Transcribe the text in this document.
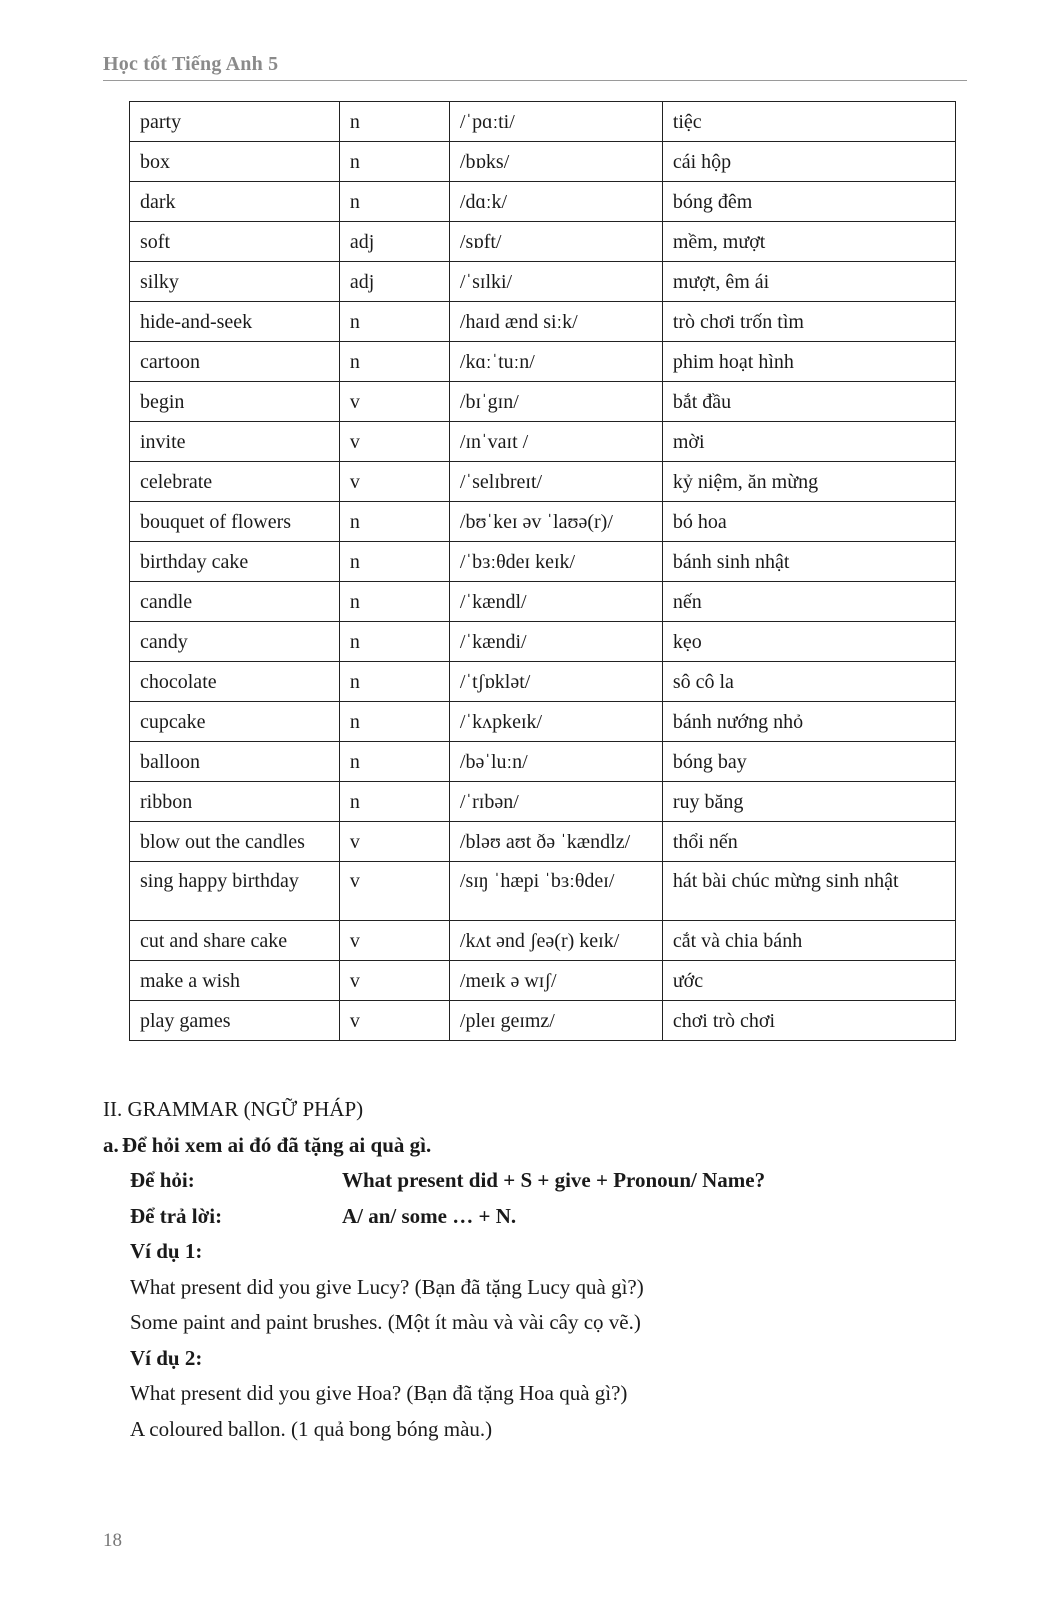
Học tốt Tiếng Anh 5
party	n	/ˈpɑːti/	tiệc
box	n	/bɒks/	cái hộp
dark	n	/dɑːk/	bóng đêm
soft	adj	/sɒft/	mềm, mượt
silky	adj	/ˈsɪlki/	mượt, êm ái
hide-and-seek	n	/haɪd ænd siːk/	trò chơi trốn tìm
cartoon	n	/kɑːˈtuːn/	phim hoạt hình
begin	v	/bɪˈgɪn/	bắt đầu
invite	v	/ɪnˈvaɪt /	mời
celebrate	v	/ˈselɪbreɪt/	kỷ niệm, ăn mừng
bouquet of flowers	n	/bʊˈkeɪ əv ˈlaʊə(r)/	bó hoa
birthday cake	n	/ˈbɜːθdeɪ keɪk/	bánh sinh nhật
candle	n	/ˈkændl/	nến
candy	n	/ˈkændi/	kẹo
chocolate	n	/ˈtʃɒklət/	sô cô la
cupcake	n	/ˈkʌpkeɪk/	bánh nướng nhỏ
balloon	n	/bəˈluːn/	bóng bay
ribbon	n	/ˈrɪbən/	ruy băng
blow out the candles	v	/bləʊ aʊt ðə ˈkændlz/	thổi nến
sing happy birthday	v	/sɪŋ ˈhæpi ˈbɜːθdeɪ/	hát bài chúc mừng sinh nhật
cut and share cake	v	/kʌt ənd ʃeə(r) keɪk/	cắt và chia bánh
make a wish	v	/meɪk ə wɪʃ/	ước
play games	v	/pleɪ geɪmz/	chơi trò chơi
II. GRAMMAR (NGỮ PHÁP)
a. Để hỏi xem ai đó đã tặng ai quà gì.
Để hỏi:	What present did + S + give + Pronoun/ Name?
Để trả lời:	A/ an/ some … + N.
Ví dụ 1:
What present did you give Lucy? (Bạn đã tặng Lucy quà gì?)
Some paint and paint brushes. (Một ít màu và vài cây cọ vẽ.)
Ví dụ 2:
What present did you give Hoa? (Bạn đã tặng Hoa quà gì?)
A coloured ballon. (1 quả bong bóng màu.)
18
